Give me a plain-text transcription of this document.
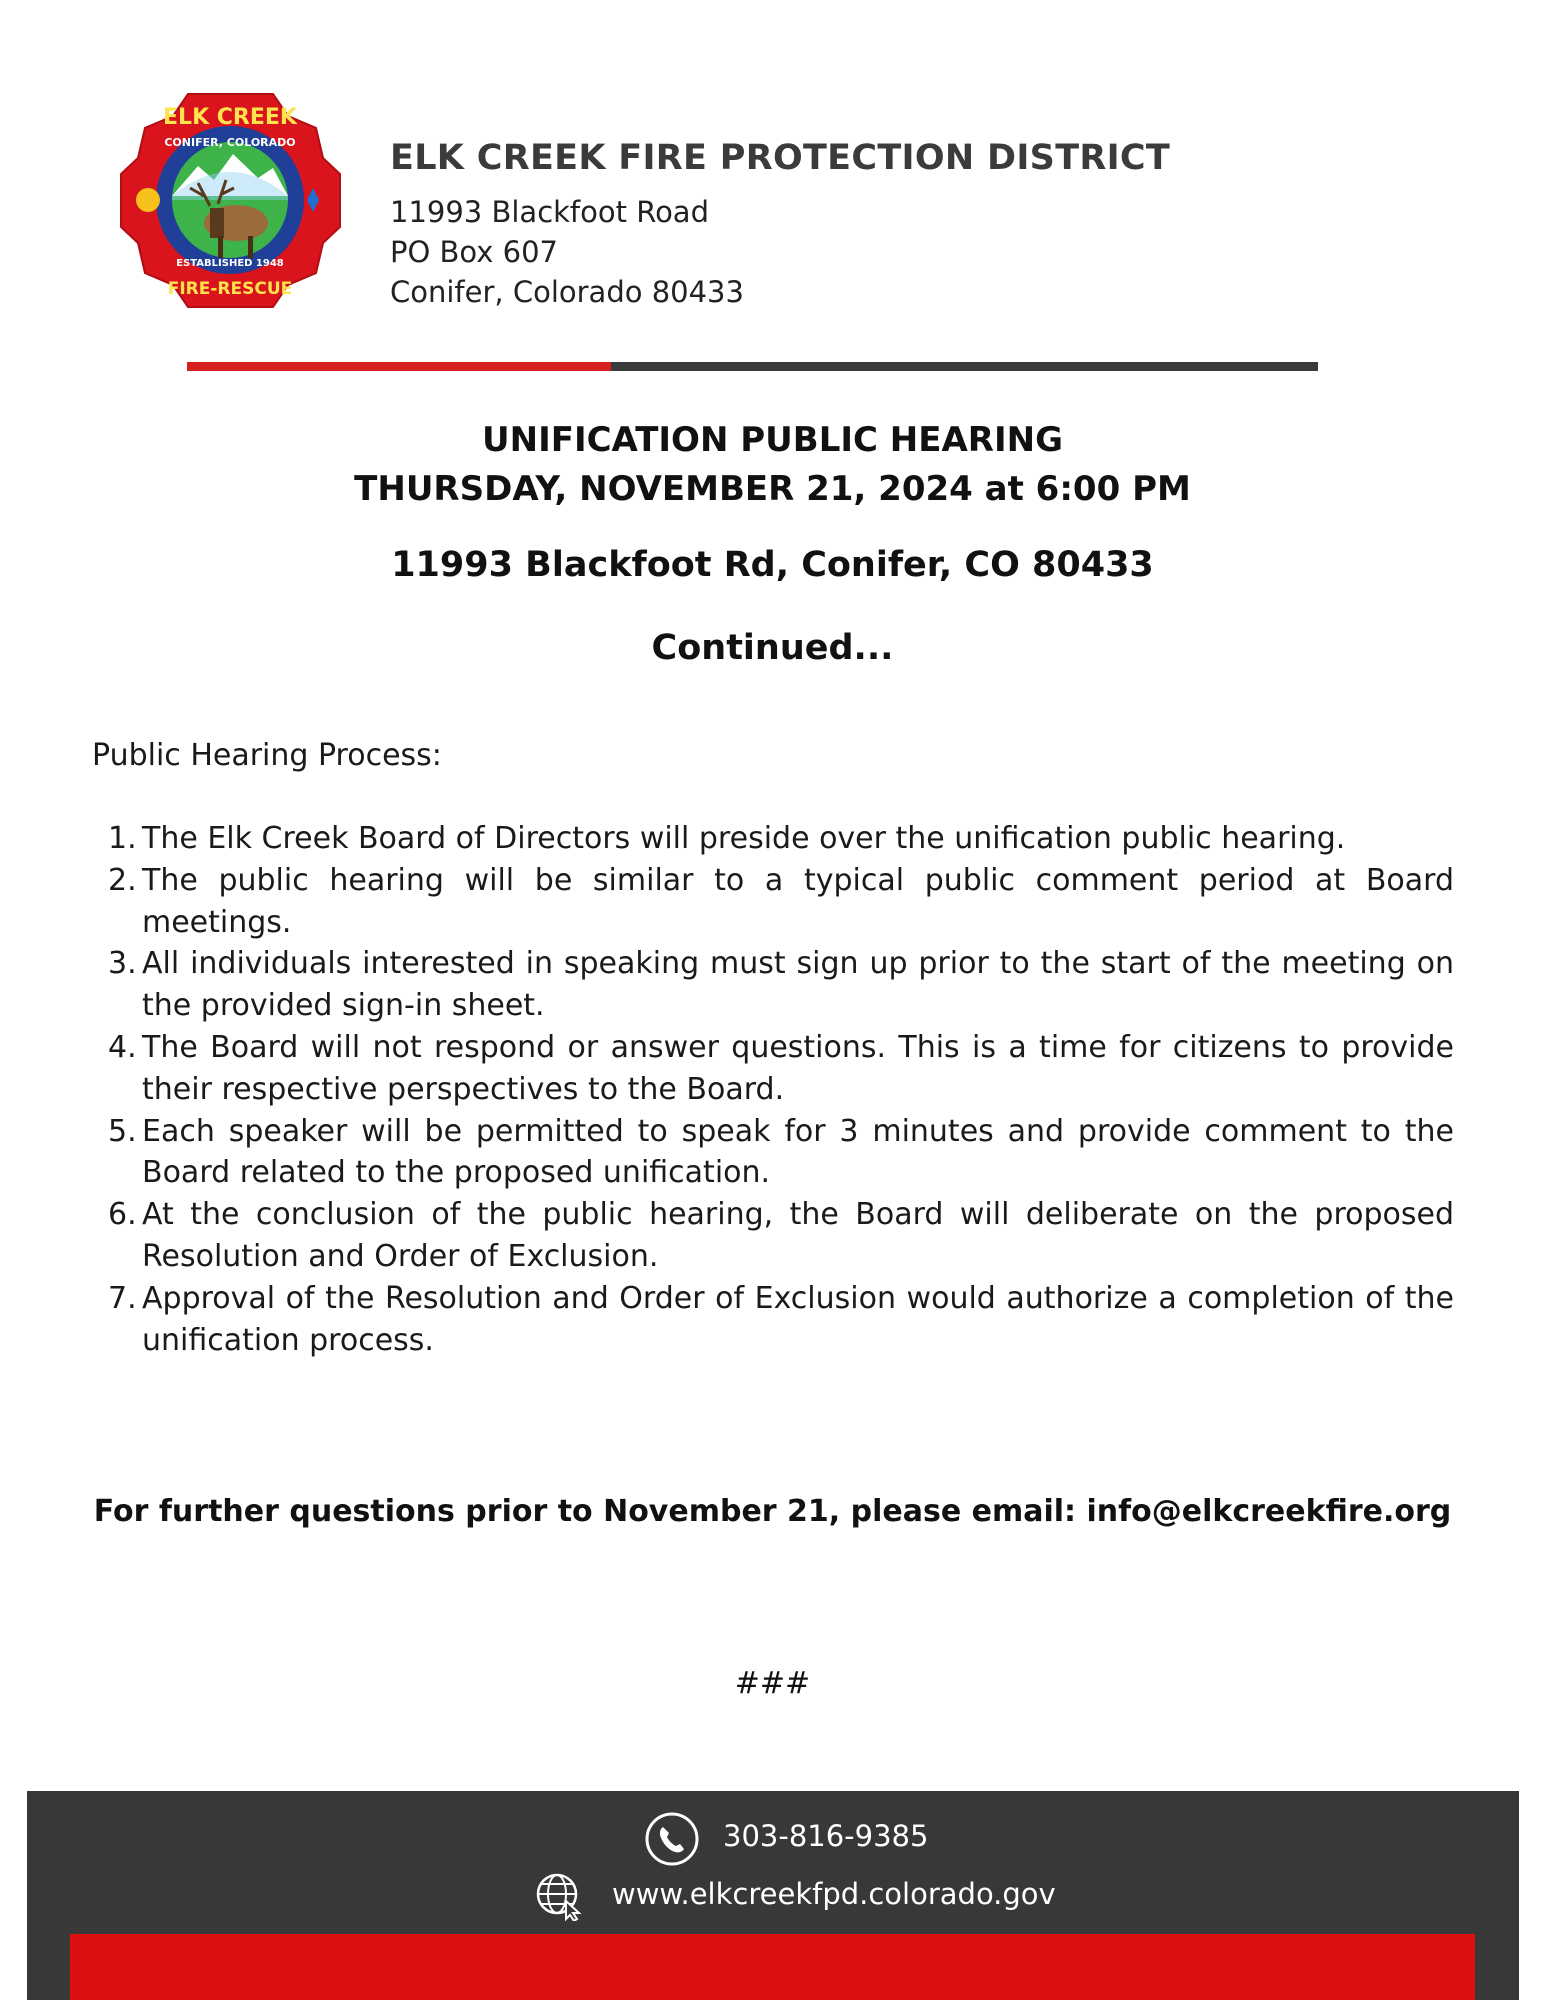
ELK CREEK
CONIFER, COLORADO
ESTABLISHED 1948
FIRE-RESCUE
ELK CREEK FIRE PROTECTION DISTRICT
11993 Blackfoot Road
PO Box 607
Conifer, Colorado 80433
UNIFICATION PUBLIC HEARING
THURSDAY, NOVEMBER 21, 2024 at 6:00 PM
11993 Blackfoot Rd, Conifer, CO 80433
Continued...
Public Hearing Process:
1. The Elk Creek Board of Directors will preside over the unification public hearing.
2. The public hearing will be similar to a typical public comment period at Board meetings.
3. All individuals interested in speaking must sign up prior to the start of the meeting on the provided sign-in sheet.
4. The Board will not respond or answer questions. This is a time for citizens to provide their respective perspectives to the Board.
5. Each speaker will be permitted to speak for 3 minutes and provide comment to the Board related to the proposed unification.
6. At the conclusion of the public hearing, the Board will deliberate on the proposed Resolution and Order of Exclusion.
7. Approval of the Resolution and Order of Exclusion would authorize a completion of the unification process.
For further questions prior to November 21, please email: info@elkcreekfire.org
###
303-816-9385
www.elkcreekfpd.colorado.gov
